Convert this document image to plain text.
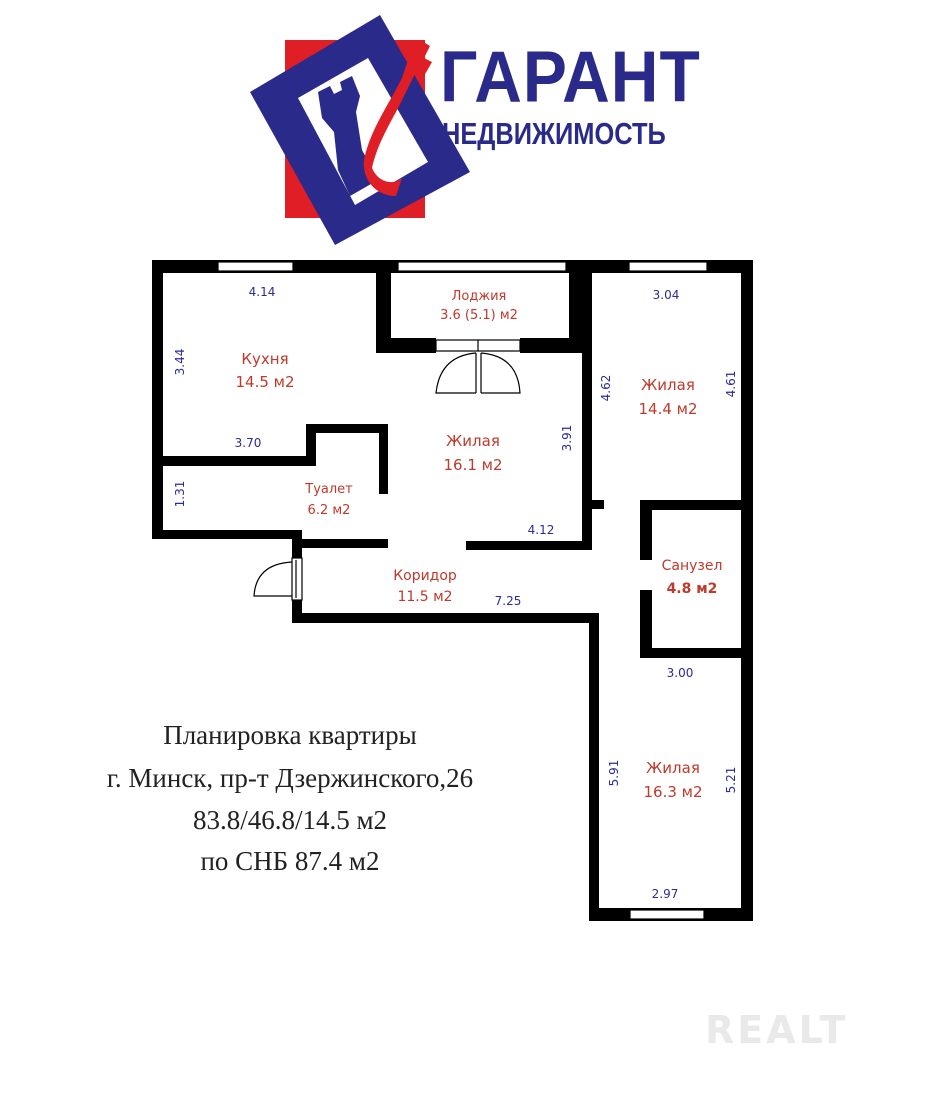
ГАРАНТ
НЕДВИЖИМОСТЬ
Кухня
14.5 м2
Лоджия
3.6 (5.1) м2
Жилая
16.1 м2
Жилая
14.4 м2
Туалет
6.2 м2
Коридор
11.5 м2
Санузел
4.8 м2
Жилая
16.3 м2
4.14
3.44
3.70
1.31
3.91
4.12
7.25
3.04
4.62	4.61
3.00
5.91	5.21
2.97
Планировка квартиры
г. Минск, пр-т Дзержинского,26
83.8/46.8/14.5 м2
по СНБ 87.4 м2
REALT
